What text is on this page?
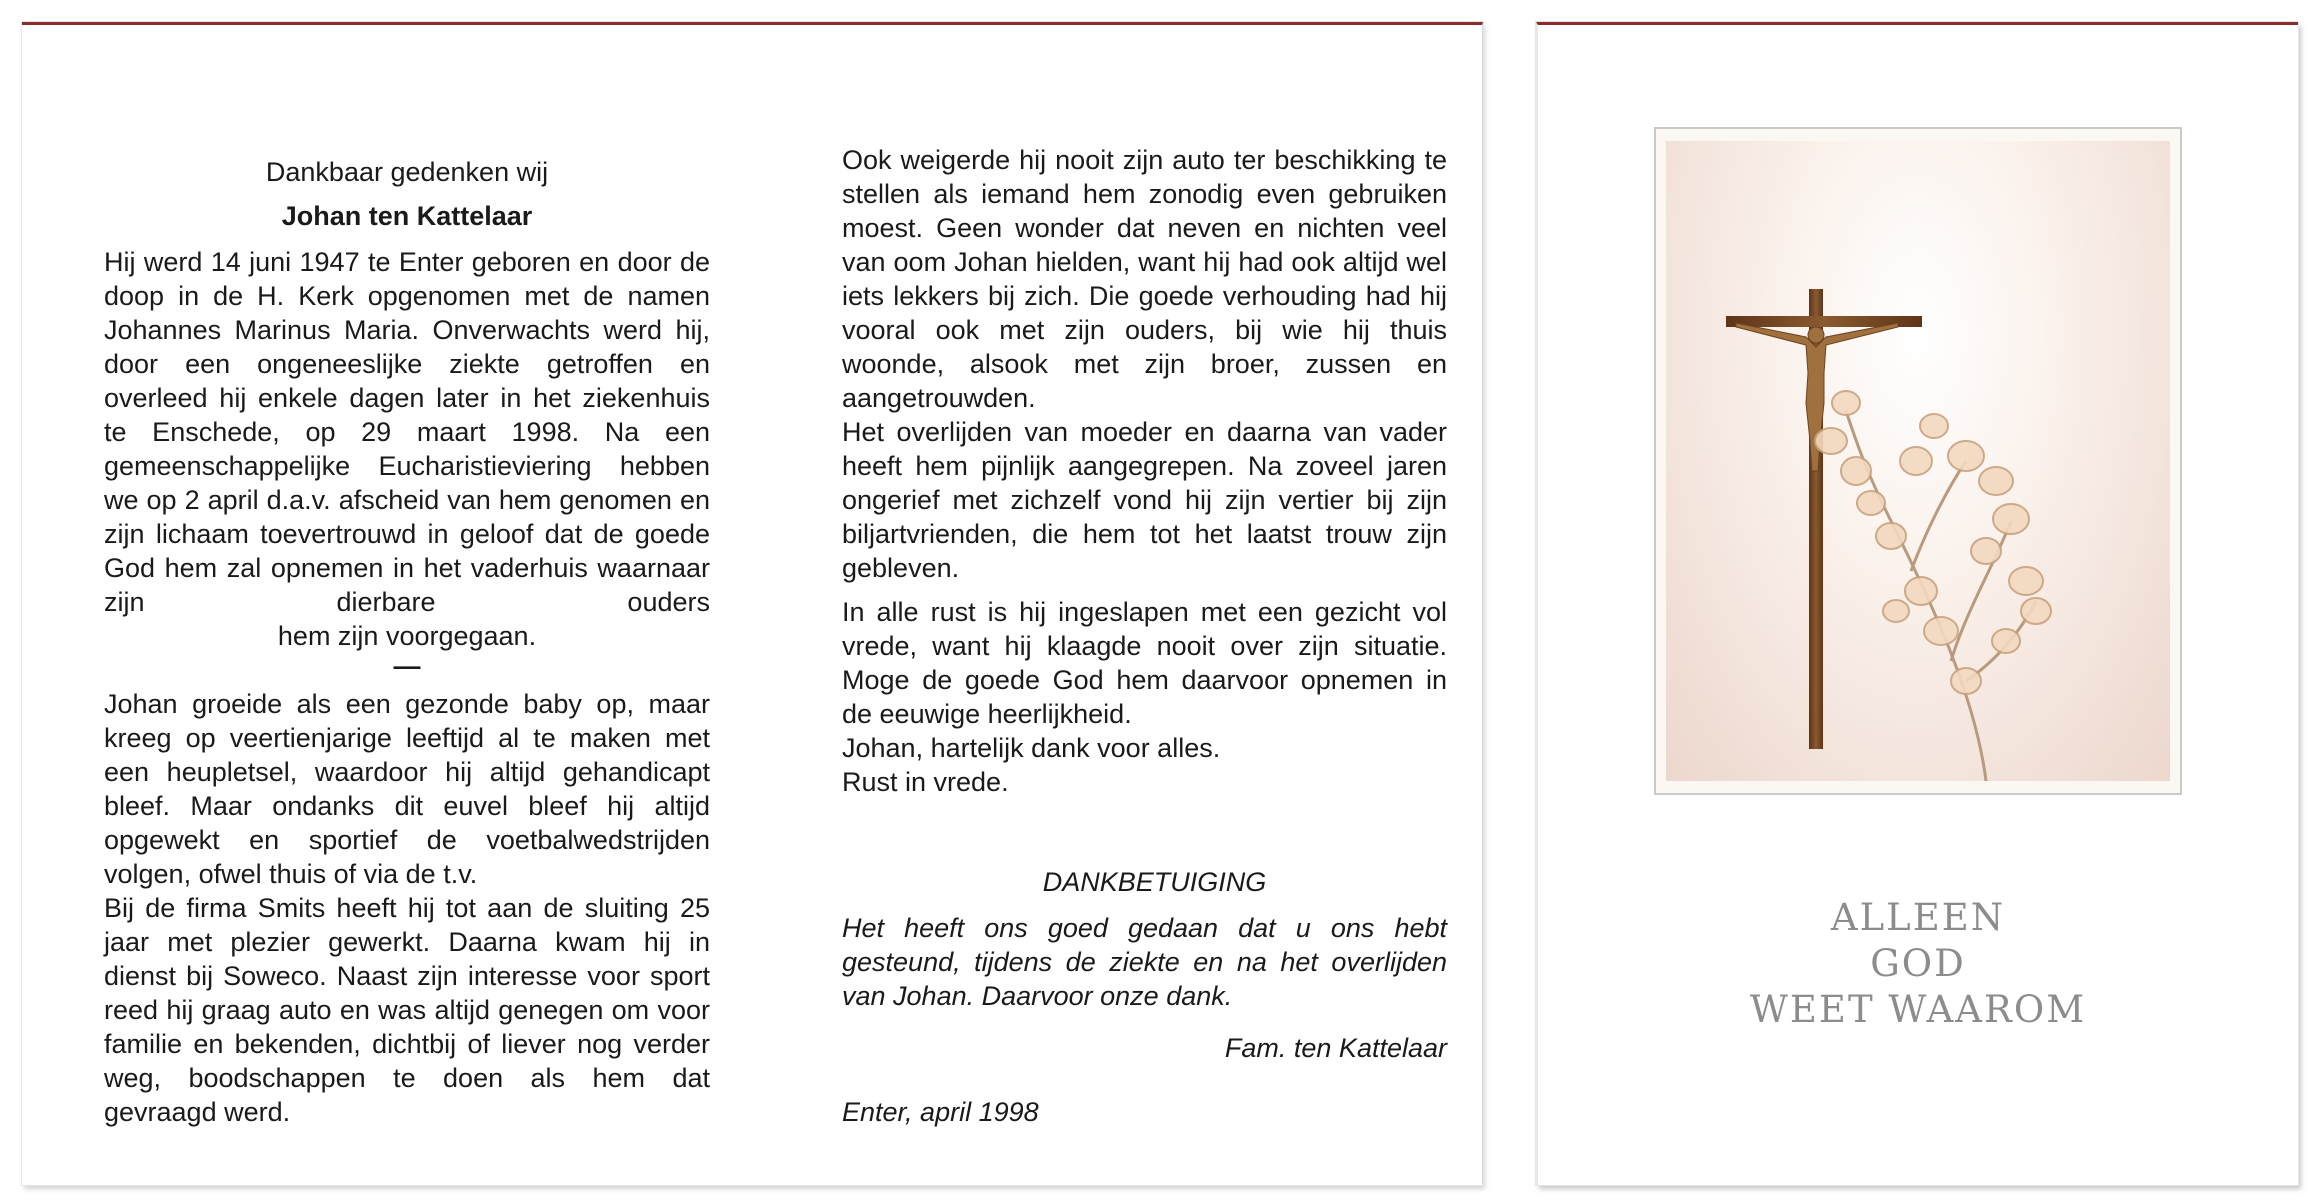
Dankbaar gedenken wij
Johan ten Kattelaar

Hij werd 14 juni 1947 te Enter geboren en door de doop in de H. Kerk opgenomen met de namen Johannes Marinus Maria. Onverwachts werd hij, door een ongeneeslijke ziekte getroffen en overleed hij enkele dagen later in het ziekenhuis te Enschede, op 29 maart 1998. Na een gemeenschappelijke Eucharistieviering hebben we op 2 april d.a.v. afscheid van hem genomen en zijn lichaam toevertrouwd in geloof dat de goede God hem zal opnemen in het vaderhuis waarnaar zijn dierbare ouders

hem zijn voorgegaan.

—

Johan groeide als een gezonde baby op, maar kreeg op veertienjarige leeftijd al te maken met een heupletsel, waardoor hij altijd gehandicapt bleef. Maar ondanks dit euvel bleef hij altijd opgewekt en sportief de voetbalwedstrijden volgen, ofwel thuis of via de t.v.

Bij de firma Smits heeft hij tot aan de sluiting 25 jaar met plezier gewerkt. Daarna kwam hij in dienst bij Soweco. Naast zijn interesse voor sport reed hij graag auto en was altijd genegen om voor familie en bekenden, dichtbij of liever nog verder weg, boodschappen te doen als hem dat gevraagd werd.

Ook weigerde hij nooit zijn auto ter beschikking te stellen als iemand hem zonodig even gebruiken moest. Geen wonder dat neven en nichten veel van oom Johan hielden, want hij had ook altijd wel iets lekkers bij zich. Die goede verhouding had hij vooral ook met zijn ouders, bij wie hij thuis woonde, alsook met zijn broer, zussen en aangetrouwden.

Het overlijden van moeder en daarna van vader heeft hem pijnlijk aangegrepen. Na zoveel jaren ongerief met zichzelf vond hij zijn vertier bij zijn biljartvrienden, die hem tot het laatst trouw zijn gebleven.

In alle rust is hij ingeslapen met een gezicht vol vrede, want hij klaagde nooit over zijn situatie. Moge de goede God hem daarvoor opnemen in de eeuwige heerlijkheid.

Johan, hartelijk dank voor alles.

Rust in vrede.

DANKBETUIGING

Het heeft ons goed gedaan dat u ons hebt gesteund, tijdens de ziekte en na het overlijden van Johan. Daarvoor onze dank.

Fam. ten Kattelaar
Enter, april 1998
ALLEEN
GOD
WEET WAAROM
